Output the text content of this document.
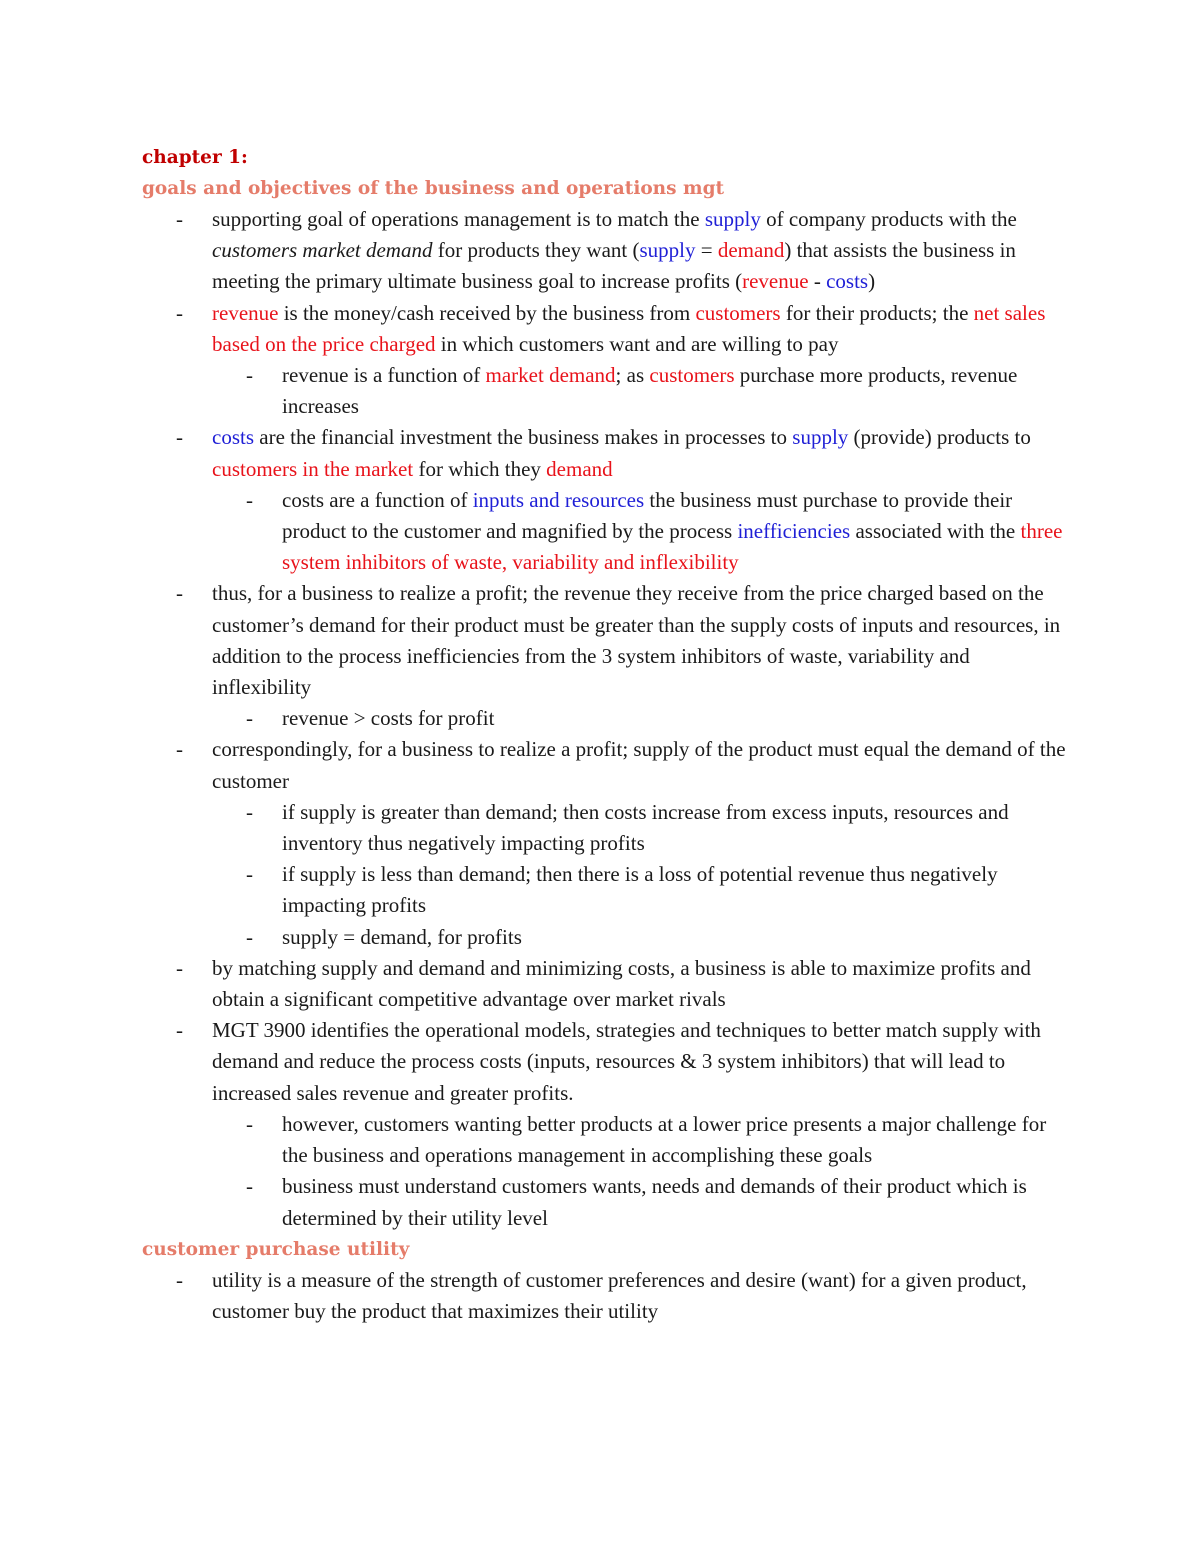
chapter 1:
goals and objectives of the business and operations mgt
- supporting goal of operations management is to match the supply of company products with the customers market demand for products they want (supply = demand) that assists the business in meeting the primary ultimate business goal to increase profits (revenue - costs)
- revenue is the money/cash received by the business from customers for their products; the net sales based on the price charged in which customers want and are willing to pay
- revenue is a function of market demand; as customers purchase more products, revenue increases
- costs are the financial investment the business makes in processes to supply (provide) products to customers in the market for which they demand
- costs are a function of inputs and resources the business must purchase to provide their product to the customer and magnified by the process inefficiencies associated with the three system inhibitors of waste, variability and inflexibility
- thus, for a business to realize a profit; the revenue they receive from the price charged based on the customer’s demand for their product must be greater than the supply costs of inputs and resources, in addition to the process inefficiencies from the 3 system inhibitors of waste, variability and inflexibility
- revenue > costs for profit
- correspondingly, for a business to realize a profit; supply of the product must equal the demand of the customer
- if supply is greater than demand; then costs increase from excess inputs, resources and inventory thus negatively impacting profits
- if supply is less than demand; then there is a loss of potential revenue thus negatively impacting profits
- supply = demand, for profits
- by matching supply and demand and minimizing costs, a business is able to maximize profits and obtain a significant competitive advantage over market rivals
- MGT 3900 identifies the operational models, strategies and techniques to better match supply with demand and reduce the process costs (inputs, resources & 3 system inhibitors) that will lead to increased sales revenue and greater profits.
- however, customers wanting better products at a lower price presents a major challenge for the business and operations management in accomplishing these goals
- business must understand customers wants, needs and demands of their product which is determined by their utility level
customer purchase utility
- utility is a measure of the strength of customer preferences and desire (want) for a given product, customer buy the product that maximizes their utility
